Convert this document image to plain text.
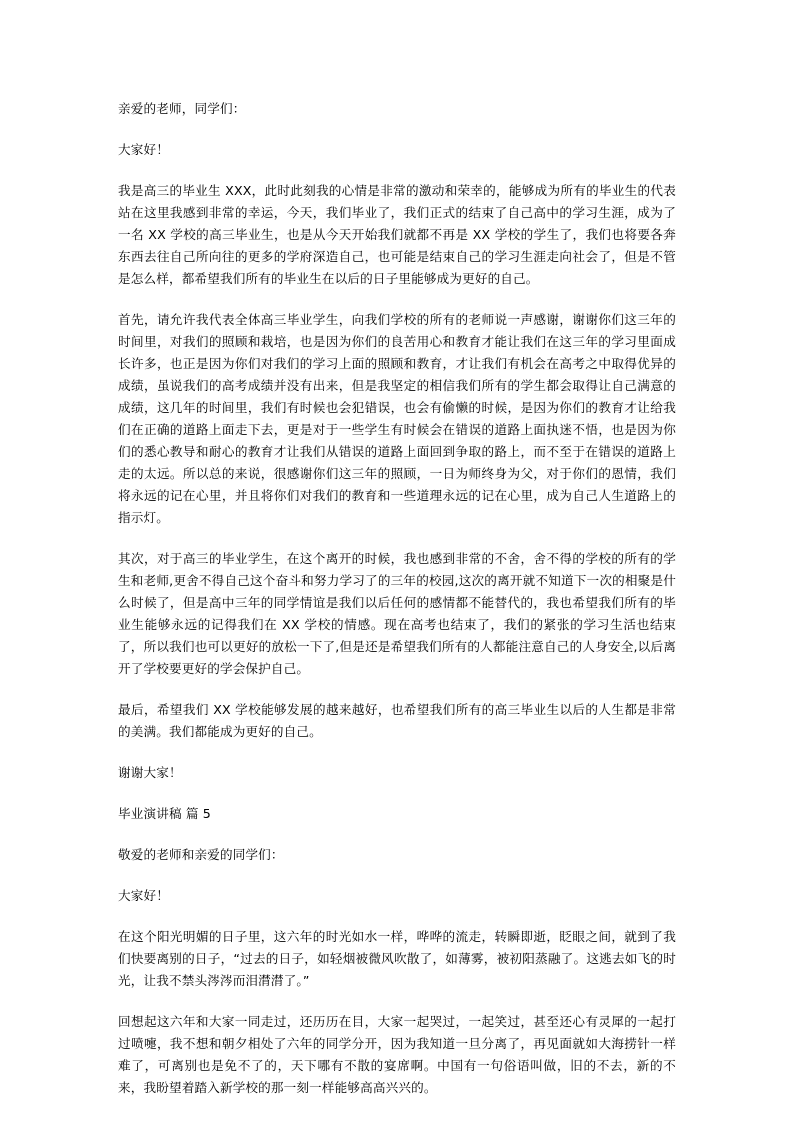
亲爱的老师，同学们：

大家好！

我是高三的毕业生 XXX，此时此刻我的心情是非常的激动和荣幸的，能够成为所有的毕业生的代表站在这里我感到非常的幸运，今天，我们毕业了，我们正式的结束了自己高中的学习生涯，成为了 一名 XX 学校的高三毕业生，也是从今天开始我们就都不再是 XX 学校的学生了，我们也将要各奔东西去往自己所向往的更多的学府深造自己，也可能是结束自己的学习生涯走向社会了，但是不管是怎么样，都希望我们所有的毕业生在以后的日子里能够成为更好的自己。

首先，请允许我代表全体高三毕业学生，向我们学校的所有的老师说一声感谢，谢谢你们这三年的时间里，对我们的照顾和栽培，也是因为你们的良苦用心和教育才能让我们在这三年的学习里面成长许多，也正是因为你们对我们的学习上面的照顾和教育，才让我们有机会在高考之中取得优异的成绩，虽说我们的高考成绩并没有出来，但是我坚定的相信我们所有的学生都会取得让自己满意的成绩，这几年的时间里，我们有时候也会犯错误，也会有偷懒的时候，是因为你们的教育才让给我们在正确的道路上面走下去，更是对于一些学生有时候会在错误的道路上面执迷不悟，也是因为你们的悉心教导和耐心的教育才让我们从错误的道路上面回到争取的路上，而不至于在错误的道路上走的太远。所以总的来说，很感谢你们这三年的照顾，一日为师终身为父，对于你们的恩情，我们将永远的记在心里，并且将你们对我们的教育和一些道理永远的记在心里，成为自己人生道路上的指示灯。

其次，对于高三的毕业学生，在这个离开的时候，我也感到非常的不舍，舍不得的学校的所有的学生和老师,更舍不得自己这个奋斗和努力学习了的三年的校园,这次的离开就不知道下一次的相聚是什么时候了，但是高中三年的同学情谊是我们以后任何的感情都不能替代的，我也希望我们所有的毕业生能够永远的记得我们在 XX 学校的情感。现在高考也结束了，我们的紧张的学习生活也结束了，所以我们也可以更好的放松一下了,但是还是希望我们所有的人都能注意自己的人身安全,以后离开了学校要更好的学会保护自己。

最后，希望我们 XX 学校能够发展的越来越好，也希望我们所有的高三毕业生以后的人生都是非常的美满。我们都能成为更好的自己。

谢谢大家！

毕业演讲稿 篇 5

敬爱的老师和亲爱的同学们：

大家好！

在这个阳光明媚的日子里，这六年的时光如水一样，哗哗的流走，转瞬即逝，眨眼之间，就到了我们快要离别的日子，“过去的日子，如轻烟被微风吹散了，如薄雾，被初阳蒸融了。这逃去如飞的时光，让我不禁头涔涔而泪潸潸了。”

回想起这六年和大家一同走过，还历历在目，大家一起哭过，一起笑过，甚至还心有灵犀的一起打过喷嚏，我不想和朝夕相处了六年的同学分开，因为我知道一旦分离了，再见面就如大海捞针一样难了，可离别也是免不了的，天下哪有不散的宴席啊。中国有一句俗语叫做，旧的不去，新的不来，我盼望着踏入新学校的那一刻一样能够高高兴兴的。
